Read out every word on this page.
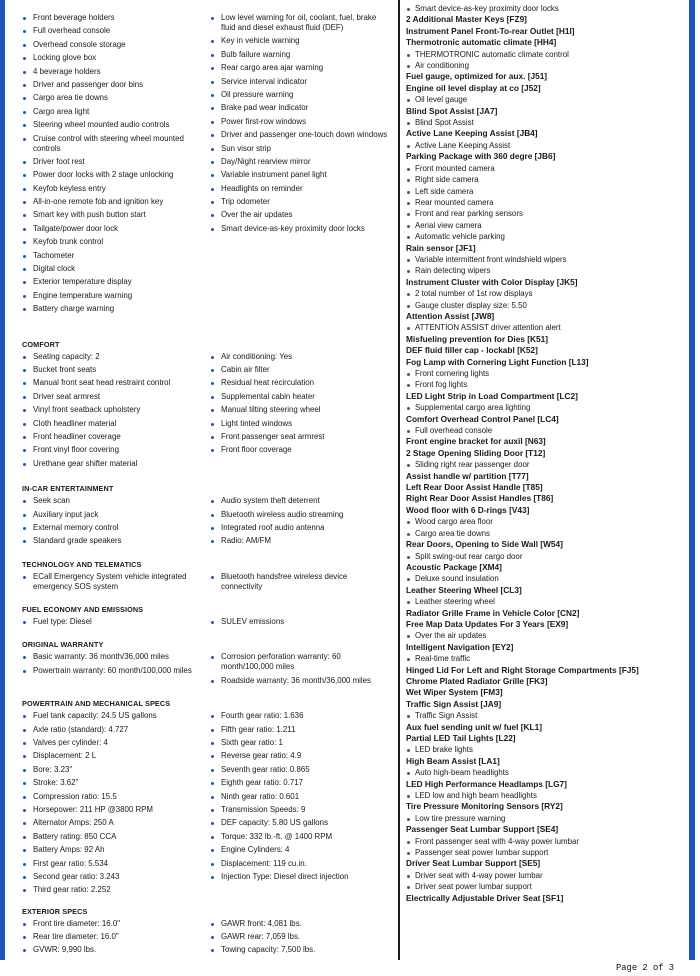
Front beverage holders
Full overhead console
Overhead console storage
Locking glove box
4 beverage holders
Driver and passenger door bins
Cargo area tie downs
Cargo area light
Steering wheel mounted audio controls
Cruise control with steering wheel mounted controls
Driver foot rest
Power door locks with 2 stage unlocking
Keyfob keyless entry
All-in-one remote fob and ignition key
Smart key with push button start
Tailgate/power door lock
Keyfob trunk control
Tachometer
Digital clock
Exterior temperature display
Engine temperature warning
Battery charge warning
Low level warning for oil, coolant, fuel, brake fluid and diesel exhaust fluid (DEF)
Key in vehicle warning
Bulb failure warning
Rear cargo area ajar warning
Service interval indicator
Oil pressure warning
Brake pad wear indicator
Power first-row windows
Driver and passenger one-touch down windows
Sun visor strip
Day/Night rearview mirror
Variable instrument panel light
Headlights on reminder
Trip odometer
Over the air updates
Smart device-as-key proximity door locks
COMFORT
Seating capacity: 2
Bucket front seats
Manual front seat head restraint control
Driver seat armrest
Vinyl front seatback upholstery
Cloth headliner material
Front headliner coverage
Front vinyl floor covering
Urethane gear shifter material
Air conditioning: Yes
Cabin air filter
Residual heat recirculation
Supplemental cabin heater
Manual tilting steering wheel
Light tinted windows
Front passenger seat armrest
Front floor coverage
IN-CAR ENTERTAINMENT
Seek scan
Auxiliary input jack
External memory control
Standard grade speakers
Audio system theft deterrent
Bluetooth wireless audio streaming
Integrated roof audio antenna
Radio: AM/FM
TECHNOLOGY AND TELEMATICS
ECall Emergency System vehicle integrated emergency SOS system
Bluetooth handsfree wireless device connectivity
FUEL ECONOMY AND EMISSIONS
Fuel type: Diesel	SULEV emissions
ORIGINAL WARRANTY
Basic warranty: 36 month/36,000 miles
Powertrain warranty: 60 month/100,000 miles
Corrosion perforation warranty: 60 month/100,000 miles
Roadside warranty: 36 month/36,000 miles
POWERTRAIN AND MECHANICAL SPECS
Fuel tank capacity: 24.5 US gallons
Axle ratio (standard): 4.727
Valves per cylinder: 4
Displacement: 2 L
Bore: 3.23"
Stroke: 3.62"
Compression ratio: 15.5
Horsepower: 211 HP @3800 RPM
Alternator Amps: 250 A
Battery rating: 850 CCA
Battery Amps: 92 Ah
First gear ratio: 5.534
Second gear ratio: 3.243
Third gear ratio: 2.252
Fourth gear ratio: 1.636
Fifth gear ratio: 1.211
Sixth gear ratio: 1
Reverse gear ratio: 4.9
Seventh gear ratio: 0.865
Eighth gear ratio: 0.717
Ninth gear ratio: 0.601
Transmission Speeds: 9
DEF capacity: 5.80 US gallons
Torque: 332 lb.-ft. @ 1400 RPM
Engine Cylinders: 4
Displacement: 119 cu.in.
Injection Type: Diesel direct injection
EXTERIOR SPECS
Front tire diameter: 16.0"
Rear tire diameter: 16.0"
GVWR: 9,990 lbs.
GAWR front: 4,081 lbs.
GAWR rear: 7,059 lbs.
Towing capacity: 7,500 lbs.
Smart device-as-key proximity door locks
2 Additional Master Keys [FZ9]
Instrument Panel Front-To-rear Outlet [H1I]
Thermotronic automatic climate [HH4]
THERMOTRONIC automatic climate control
Air conditioning
Fuel gauge, optimized for aux. [J51]
Engine oil level display at co [J52]
Oil level gauge
Blind Spot Assist [JA7]
Blind Spot Assist
Active Lane Keeping Assist [JB4]
Active Lane Keeping Assist
Parking Package with 360 degre [JB6]
Front mounted camera
Right side camera
Left side camera
Rear mounted camera
Front and rear parking sensors
Aerial view camera
Automatic vehicle parking
Rain sensor [JF1]
Variable intermittent front windshield wipers
Rain detecting wipers
Instrument Cluster with Color Display [JK5]
2 total number of 1st row displays
Gauge cluster display size: 5.50
Attention Assist [JW8]
ATTENTION ASSIST driver attention alert
Misfueling prevention for Dies [K51]
DEF fluid filler cap - lockabl [K52]
Fog Lamp with Cornering Light Function [L13]
Front cornering lights
Front fog lights
LED Light Strip in Load Compartment [LC2]
Supplemental cargo area lighting
Comfort Overhead Control Panel [LC4]
Full overhead console
Front engine bracket for auxil [N63]
2 Stage Opening Sliding Door [T12]
Sliding right rear passenger door
Assist handle w/ partition [T77]
Left Rear Door Assist Handle [T85]
Right Rear Door Assist Handles [T86]
Wood floor with 6 D-rings [V43]
Wood cargo area floor
Cargo area tie downs
Rear Doors, Opening to Side Wall [W54]
Split swing-out rear cargo door
Acoustic Package [XM4]
Deluxe sound insulation
Leather Steering Wheel [CL3]
Leather steering wheel
Radiator Grille Frame in Vehicle Color [CN2]
Free Map Data Updates For 3 Years [EX9]
Over the air updates
Intelligent Navigation [EY2]
Real-time traffic
Hinged Lid For Left and Right Storage Compartments [FJ5]
Chrome Plated Radiator Grille [FK3]
Wet Wiper System [FM3]
Traffic Sign Assist [JA9]
Traffic Sign Assist
Aux fuel sending unit w/ fuel [KL1]
Partial LED Tail Lights [L22]
LED brake lights
High Beam Assist [LA1]
Auto high-beam headlights
LED High Performance Headlamps [LG7]
LED low and high beam headlights
Tire Pressure Monitoring Sensors [RY2]
Low tire pressure warning
Passenger Seat Lumbar Support [SE4]
Front passenger seat with 4-way power lumbar
Passenger seat power lumbar support
Driver Seat Lumbar Support [SE5]
Driver seat with 4-way power lumbar
Driver seat power lumbar support
Electrically Adjustable Driver Seat [SF1]
Page 2 of 3
